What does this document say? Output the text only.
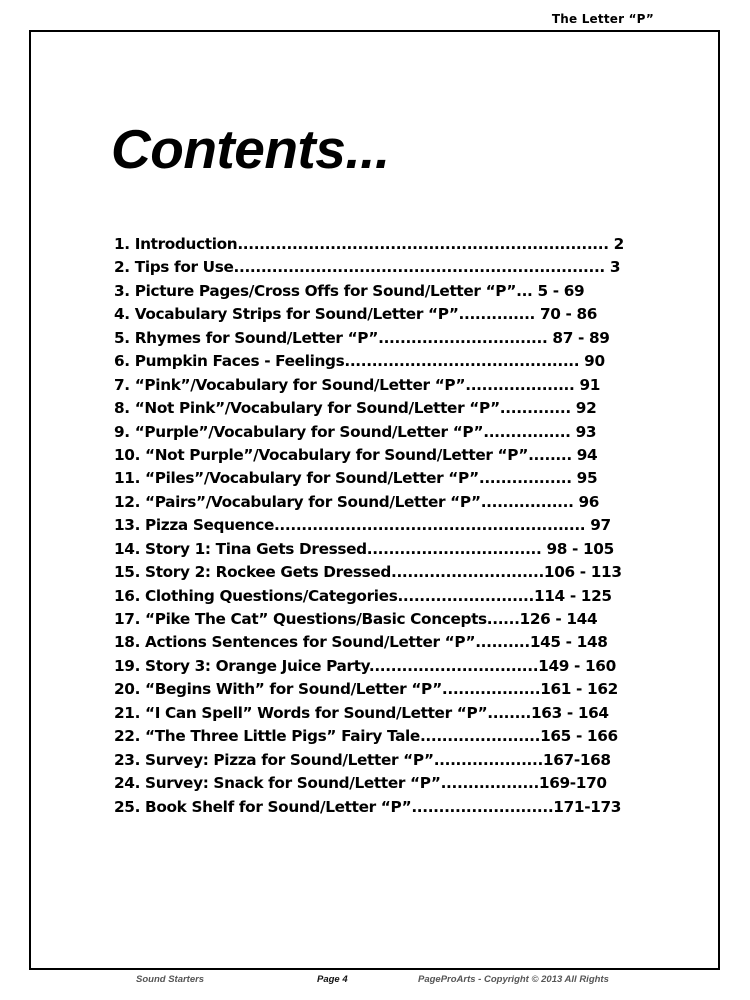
The Letter “P”
Contents...
1. Introduction.................................................................... 2
2. Tips for Use.................................................................... 3
3. Picture Pages/Cross Offs for Sound/Letter “P”... 5 - 69
4. Vocabulary Strips for Sound/Letter “P”.............. 70 - 86
5. Rhymes for Sound/Letter “P”............................... 87 - 89
6. Pumpkin Faces - Feelings........................................... 90
7. “Pink”/Vocabulary for Sound/Letter “P”.................... 91
8. “Not Pink”/Vocabulary for Sound/Letter “P”............. 92
9. “Purple”/Vocabulary for Sound/Letter “P”................ 93
10. “Not Purple”/Vocabulary for Sound/Letter “P”........ 94
11. “Piles”/Vocabulary for Sound/Letter “P”................. 95
12. “Pairs”/Vocabulary for Sound/Letter “P”................. 96
13. Pizza Sequence......................................................... 97
14. Story 1: Tina Gets Dressed................................ 98 - 105
15. Story 2: Rockee Gets Dressed............................106 - 113
16. Clothing Questions/Categories.........................114 - 125
17. “Pike The Cat” Questions/Basic Concepts......126 - 144
18. Actions Sentences for Sound/Letter “P”..........145 - 148
19. Story 3: Orange Juice Party...............................149 - 160
20. “Begins With” for Sound/Letter “P”..................161 - 162
21. “I Can Spell” Words for Sound/Letter “P”........163 - 164
22. “The Three Little Pigs” Fairy Tale......................165 - 166
23. Survey: Pizza for Sound/Letter “P”....................167-168
24. Survey: Snack for Sound/Letter “P”..................169-170
25. Book Shelf for Sound/Letter “P”..........................171-173
Sound Starters	Page 4	PageProArts - Copyright © 2013 All Rights
